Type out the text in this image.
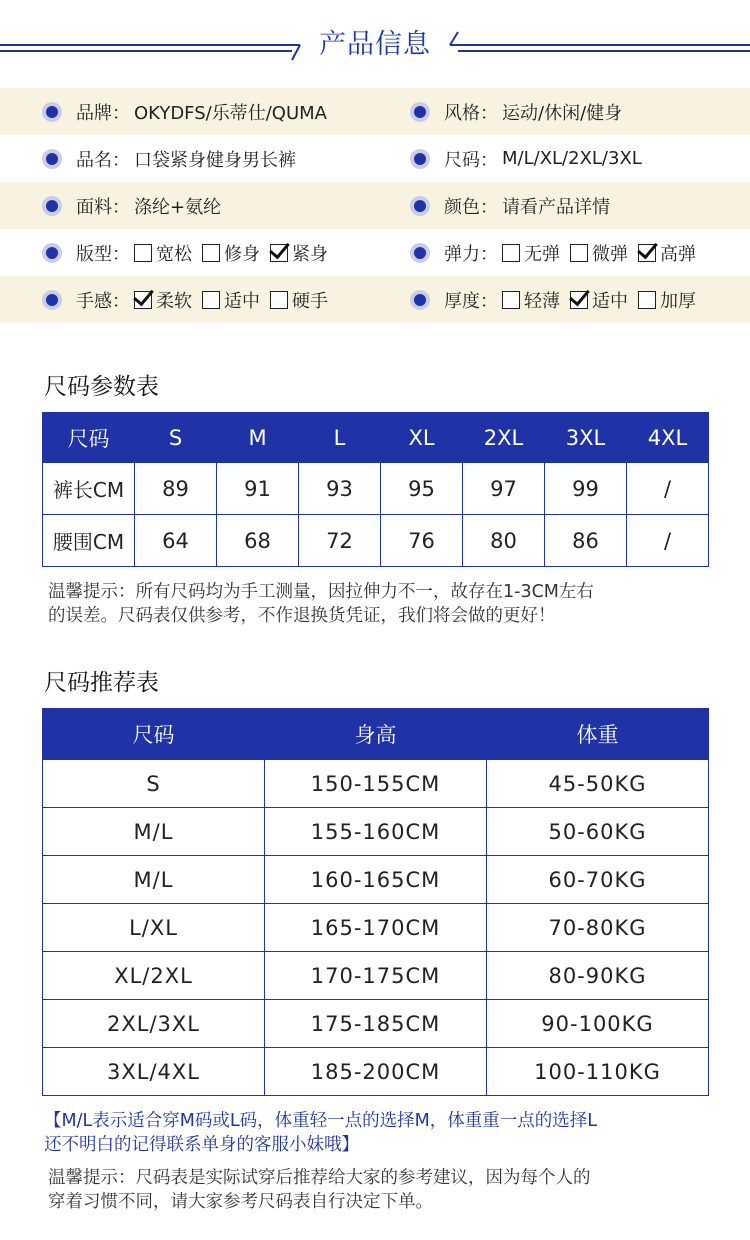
产品信息
品牌： OKYDFS/乐蒂仕/QUMA	风格： 运动/休闲/健身
品名： 口袋紧身健身男长裤	尺码： M/L/XL/2XL/3XL
面料： 涤纶+氨纶	颜色： 请看产品详情
版型： 宽松 修身 紧身	弹力： 无弹 微弹 高弹
手感： 柔软 适中 硬手	厚度： 轻薄 适中 加厚
尺码参数表
尺码	S	M	L	XL	2XL	3XL	4XL
裤长CM	89	91	93	95	97	99	/
腰围CM	64	68	72	76	80	86	/
温馨提示：所有尺码均为手工测量，因拉伸力不一，故存在1-3CM左右
的误差。尺码表仅供参考，不作退换货凭证，我们将会做的更好！
尺码推荐表
尺码	身高	体重
S	150-155CM	45-50KG
M/L	155-160CM	50-60KG
M/L	160-165CM	60-70KG
L/XL	165-170CM	70-80KG
XL/2XL	170-175CM	80-90KG
2XL/3XL	175-185CM	90-100KG
3XL/4XL	185-200CM	100-110KG
【M/L表示适合穿M码或L码，体重轻一点的选择M，体重重一点的选择L
还不明白的记得联系单身的客服小妹哦】
温馨提示：尺码表是实际试穿后推荐给大家的参考建议，因为每个人的
穿着习惯不同，请大家参考尺码表自行决定下单。
